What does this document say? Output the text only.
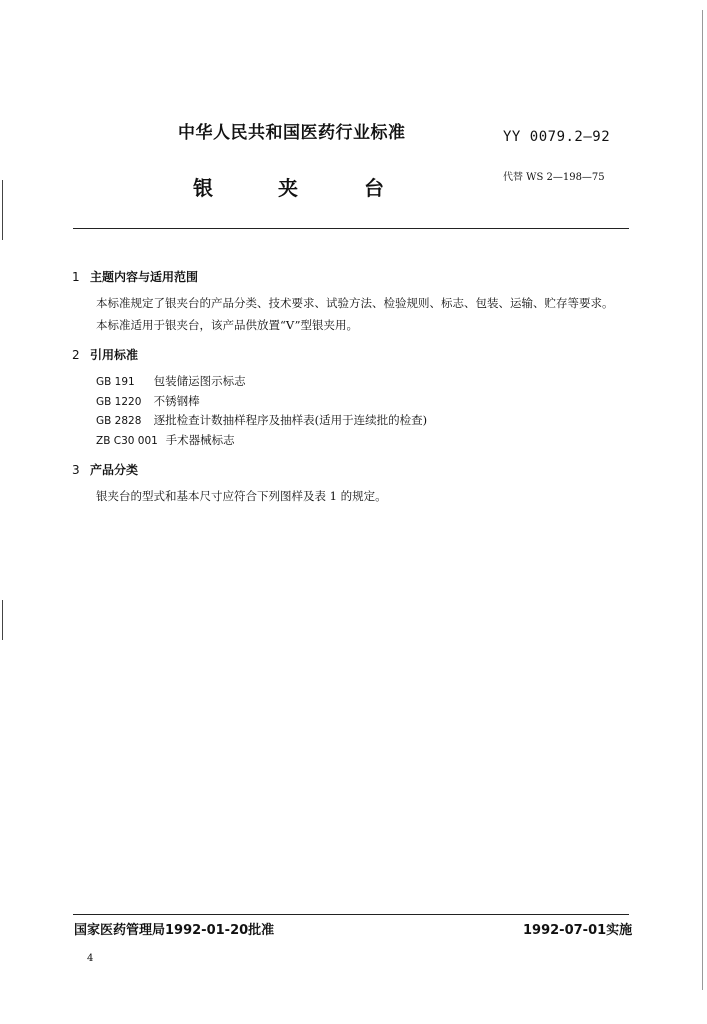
中华人民共和国医药行业标准	YY 0079.2—92
银	夹	台	代替 WS 2—198—75
1 主题内容与适用范围
本标准规定了银夹台的产品分类、技术要求、试验方法、检验规则、标志、包装、运输、贮存等要求。
本标准适用于银夹台，该产品供放置“V”型银夹用。
2 引用标准
GB 191 包装储运图示标志
GB 1220 不锈钢棒
GB 2828 逐批检查计数抽样程序及抽样表(适用于连续批的检查)
ZB C30 001 手术器械标志
3 产品分类
银夹台的型式和基本尺寸应符合下列图样及表 1 的规定。
国家医药管理局1992-01-20批准	1992-07-01实施
4
